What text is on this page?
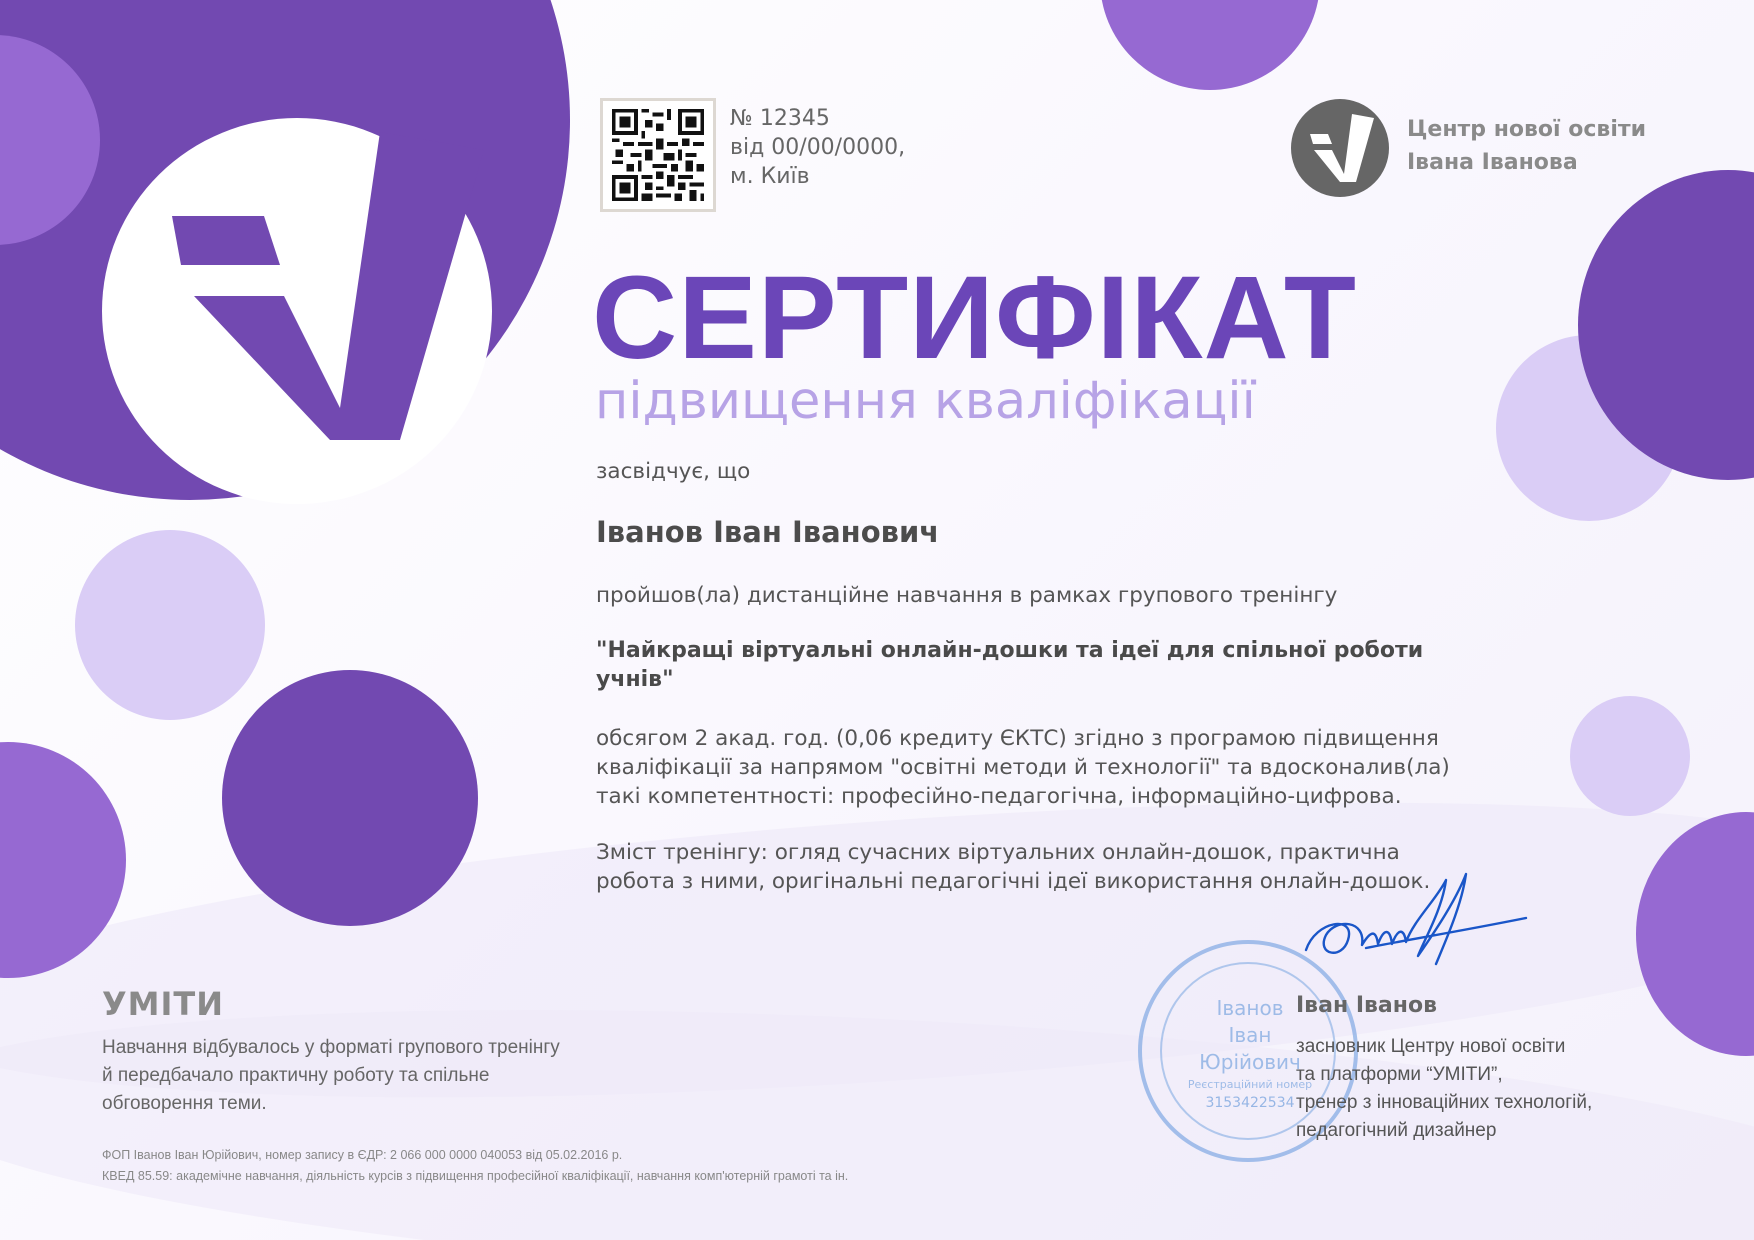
№ 12345
від 00/00/0000,
м. Київ
Центр нової освіти
Івана Іванова
СЕРТИФІКАТ
підвищення кваліфікації
засвідчує, що
Іванов Іван Іванович
пройшов(ла) дистанційне навчання в рамках групового тренінгу
"Найкращі віртуальні онлайн-дошки та ідеї для спільної роботи учнів"
обсягом 2 акад. год. (0,06 кредиту ЄКТС) згідно з програмою підвищення
кваліфікації за напрямом "освітні методи й технології" та вдосконалив(ла)
такі компетентності: професійно-педагогічна, інформаційно-цифрова.
Зміст тренінгу: огляд сучасних віртуальних онлайн-дошок, практична
робота з ними, оригінальні педагогічні ідеї використання онлайн-дошок.
УМІТИ
Навчання відбувалось у форматі групового тренінгу
й передбачало практичну роботу та спільне
обговорення теми.
ФОП Іванов Іван Юрійович, номер запису в ЄДР: 2 066 000 0000 040053 від 05.02.2016 р.
КВЕД 85.59: академічне навчання, діяльність курсів з підвищення професійної кваліфікації, навчання комп'ютерній грамоті та ін.
Іванов
Іван
Юрійович
Реєстраційний номер
3153422534
Іван Іванов
засновник Центру нової освіти
та платформи “УМІТИ”,
тренер з інноваційних технологій,
педагогічний дизайнер
